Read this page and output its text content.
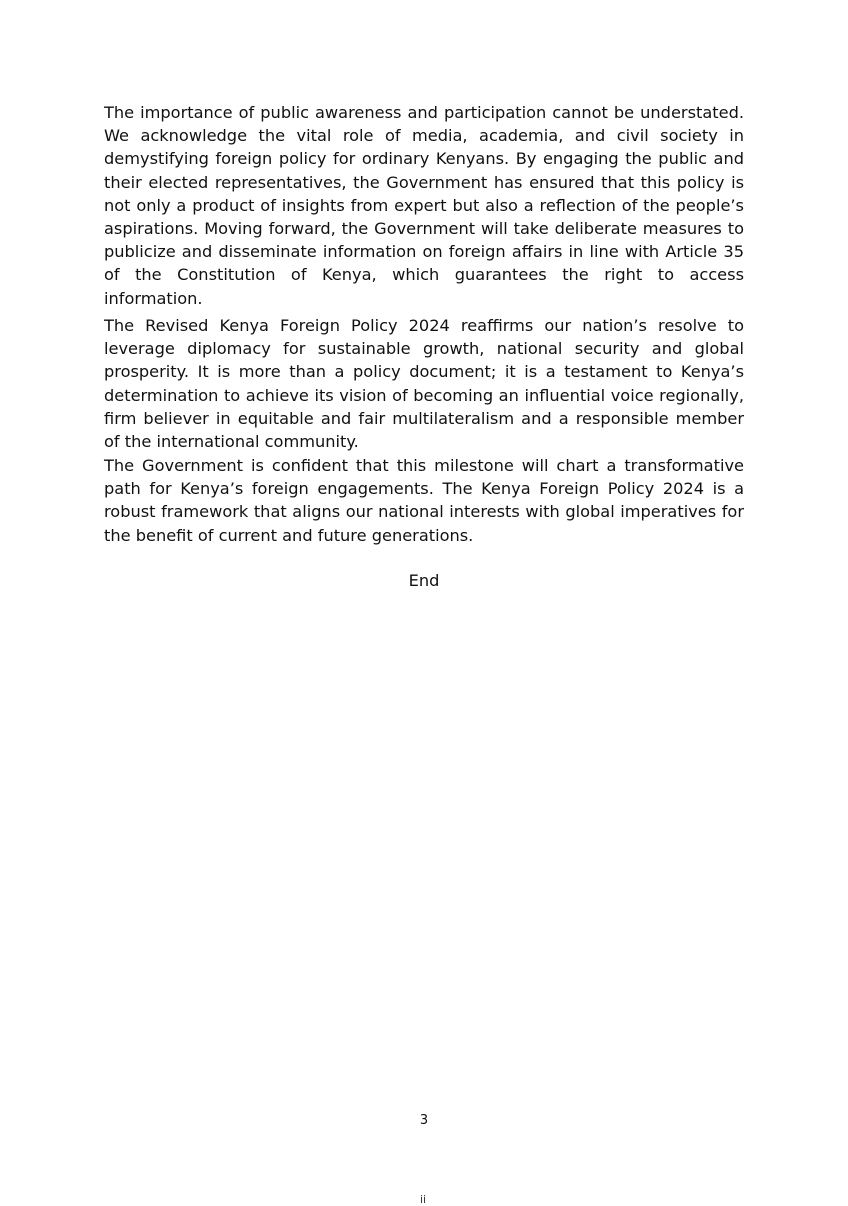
The importance of public awareness and participation cannot be understated. We acknowledge the vital role of media, academia, and civil society in demystifying foreign policy for ordinary Kenyans. By engaging the public and their elected representatives, the Government has ensured that this policy is not only a product of insights from expert but also a reflection of the people’s aspirations. Moving forward, the Government will take deliberate measures to publicize and disseminate information on foreign affairs in line with Article 35 of the Constitution of Kenya, which guarantees the right to access information.

The Revised Kenya Foreign Policy 2024 reaffirms our nation’s resolve to leverage diplomacy for sustainable growth, national security and global prosperity. It is more than a policy document; it is a testament to Kenya’s determination to achieve its vision of becoming an influential voice regionally, firm believer in equitable and fair multilateralism and a responsible member of the international community.

The Government is confident that this milestone will chart a transformative path for Kenya’s foreign engagements. The Kenya Foreign Policy 2024 is a robust framework that aligns our national interests with global imperatives for the benefit of current and future generations.

End
3
ii
